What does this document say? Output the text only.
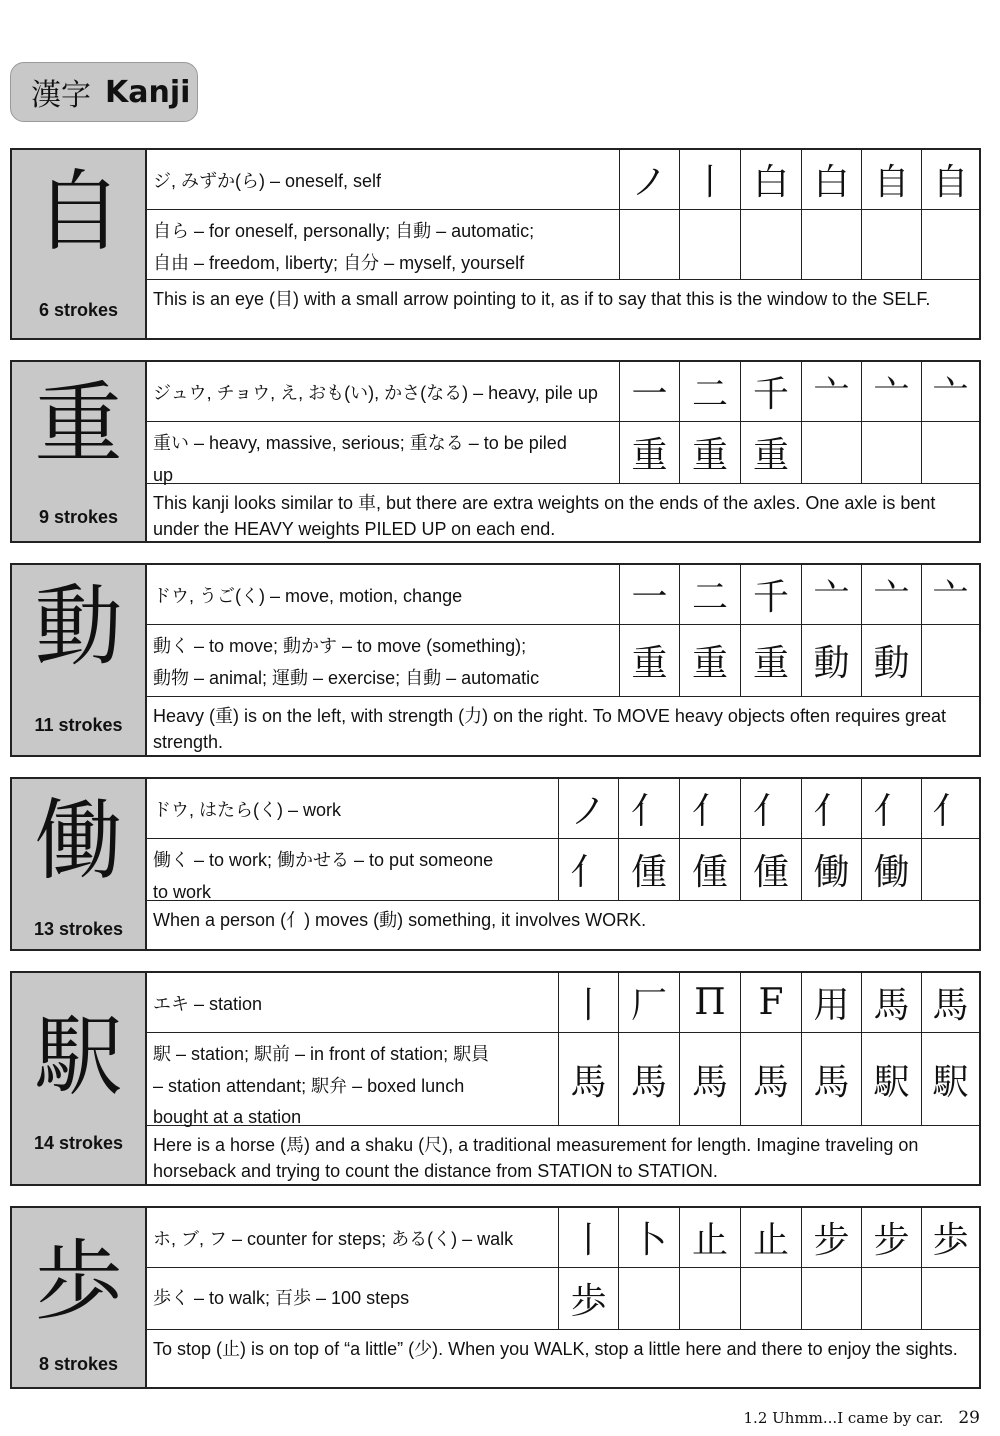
漢字 Kanji
自
6 strokes
ジ, みずか(ら) – oneself, self
自ら – for oneself, personally; 自動 – automatic;
自由 – freedom, liberty; 自分 – myself, yourself
ノ 丨 白 白 自 自
This is an eye (目) with a small arrow pointing to it, as if to say that this is the window to the SELF.
重
9 strokes
ジュウ, チョウ, え, おも(い), かさ(なる) – heavy, pile up
重い – heavy, massive, serious; 重なる – to be piled
up
一 二 千 亠 亠 亠
重 重 重
This kanji looks similar to 車, but there are extra weights on the ends of the axles. One axle is bent under the HEAVY weights PILED UP on each end.
動
11 strokes
ドウ, うご(く) – move, motion, change
動く – to move; 動かす – to move (something);
動物 – animal; 運動 – exercise; 自動 – automatic
一 二 千 亠 亠 亠
重 重 重 動 動
Heavy (重) is on the left, with strength (力) on the right. To MOVE heavy objects often requires great strength.
働
13 strokes
ドウ, はたら(く) – work
働く – to work; 働かせる – to put someone
to work
ノ 亻 亻 亻 亻 亻 亻
亻 偅 偅 偅 働 働
When a person (亻) moves (動) something, it involves WORK.
駅
14 strokes
エキ – station
駅 – station; 駅前 – in front of station; 駅員
– station attendant; 駅弁 – boxed lunch
bought at a station
丨 厂 П F 用 馬 馬
馬 馬 馬 馬 馬 駅 駅
Here is a horse (馬) and a shaku (尺), a traditional measurement for length. Imagine traveling on horseback and trying to count the distance from STATION to STATION.
歩
8 strokes
ホ, ブ, フ – counter for steps; ある(く) – walk
歩く – to walk; 百歩 – 100 steps
丨 卜 止 止 步 步 歩
歩
To stop (止) is on top of “a little” (少). When you WALK, stop a little here and there to enjoy the sights.
1.2 Uhmm...I came by car. 29
